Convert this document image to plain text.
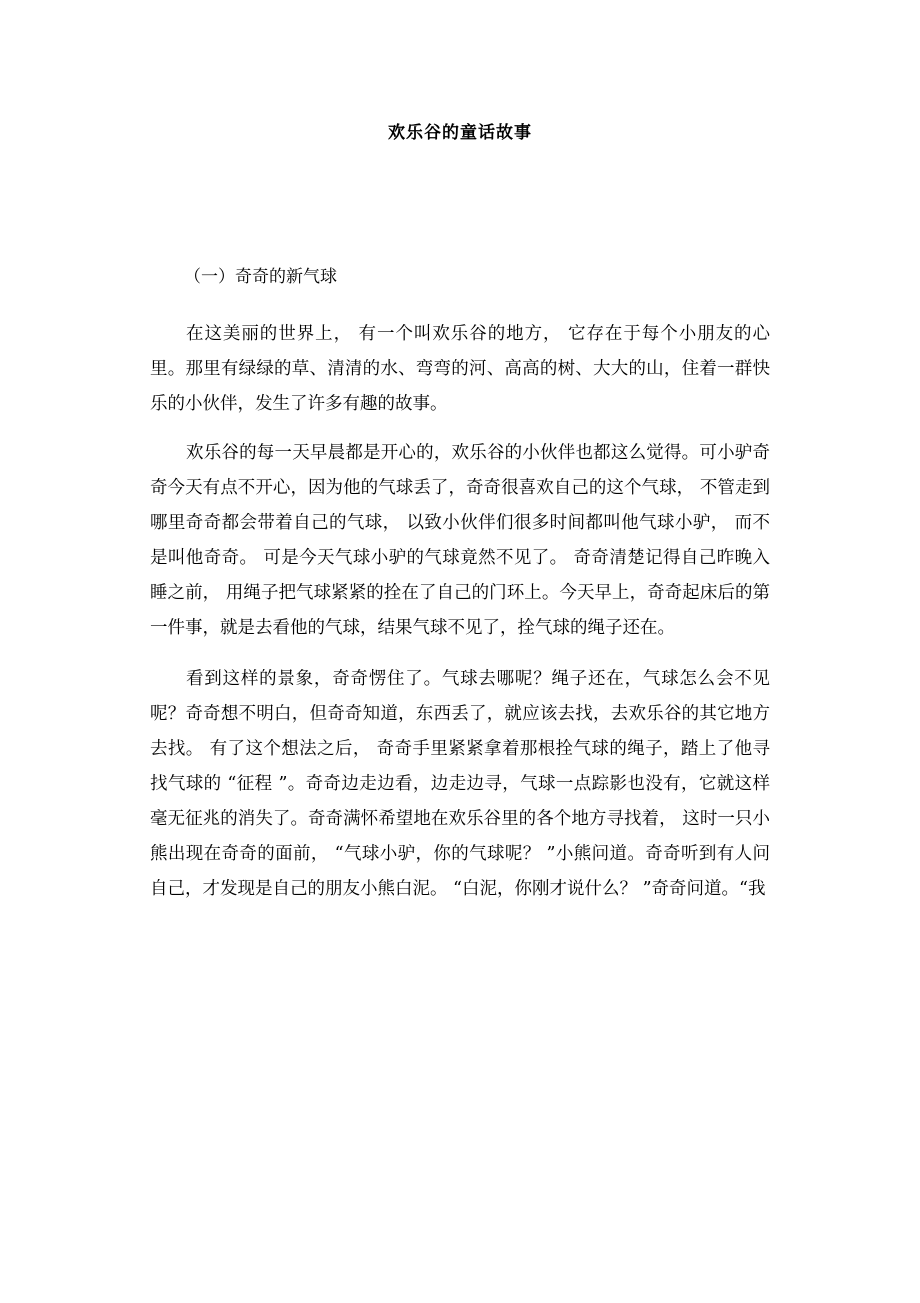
欢乐谷的童话故事

（一）奇奇的新气球

在这美丽的世界上， 有一个叫欢乐谷的地方， 它存在于每个小朋友的心里。那里有绿绿的草、清清的水、弯弯的河、高高的树、大大的山，住着一群快乐的小伙伴，发生了许多有趣的故事。

欢乐谷的每一天早晨都是开心的，欢乐谷的小伙伴也都这么觉得。可小驴奇奇今天有点不开心，因为他的气球丢了，奇奇很喜欢自己的这个气球， 不管走到哪里奇奇都会带着自己的气球， 以致小伙伴们很多时间都叫他气球小驴， 而不是叫他奇奇。 可是今天气球小驴的气球竟然不见了。 奇奇清楚记得自己昨晚入睡之前， 用绳子把气球紧紧的拴在了自己的门环上。今天早上，奇奇起床后的第一件事，就是去看他的气球，结果气球不见了，拴气球的绳子还在。

看到这样的景象，奇奇愣住了。气球去哪呢？绳子还在，气球怎么会不见呢？奇奇想不明白，但奇奇知道，东西丢了，就应该去找，去欢乐谷的其它地方去找。 有了这个想法之后， 奇奇手里紧紧拿着那根拴气球的绳子，踏上了他寻找气球的 “征程 ”。奇奇边走边看，边走边寻，气球一点踪影也没有，它就这样毫无征兆的消失了。奇奇满怀希望地在欢乐谷里的各个地方寻找着， 这时一只小熊出现在奇奇的面前， “气球小驴，你的气球呢？ ”小熊问道。奇奇听到有人问自己，才发现是自己的朋友小熊白泥。 “白泥，你刚才说什么？ ”奇奇问道。“我
